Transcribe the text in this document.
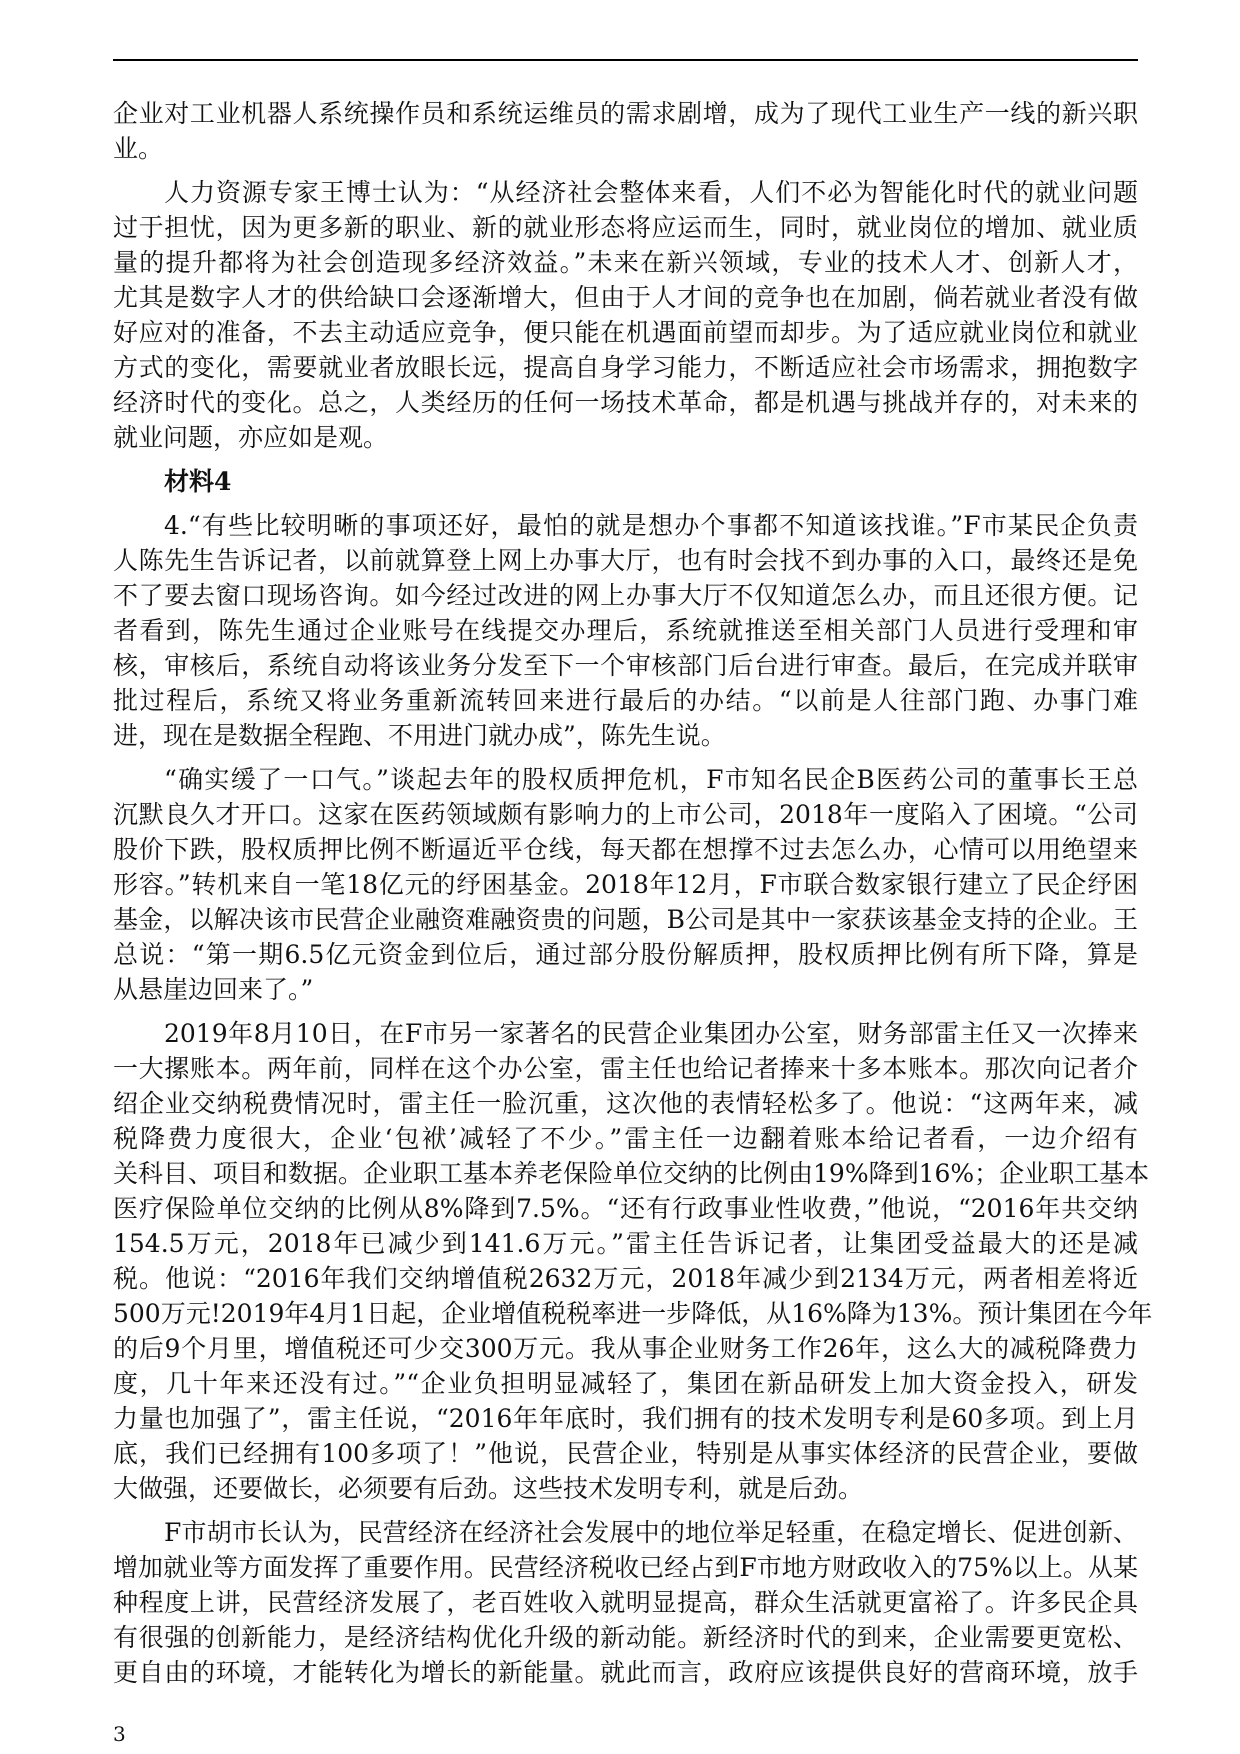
企业对工业机器人系统操作员和系统运维员的需求剧增，成为了现代工业生产一线的新兴职
业。
人力资源专家王博士认为：“从经济社会整体来看，人们不必为智能化时代的就业问题
过于担忧，因为更多新的职业、新的就业形态将应运而生，同时，就业岗位的增加、就业质
量的提升都将为社会创造现多经济效益。”未来在新兴领域，专业的技术人才、创新人才，
尤其是数字人才的供给缺口会逐渐增大，但由于人才间的竞争也在加剧，倘若就业者没有做
好应对的准备，不去主动适应竞争，便只能在机遇面前望而却步。为了适应就业岗位和就业
方式的变化，需要就业者放眼长远，提高自身学习能力，不断适应社会市场需求，拥抱数字
经济时代的变化。总之，人类经历的任何一场技术革命，都是机遇与挑战并存的，对未来的
就业问题，亦应如是观。
材料4
4.“有些比较明晰的事项还好，最怕的就是想办个事都不知道该找谁。”F市某民企负责
人陈先生告诉记者，以前就算登上网上办事大厅，也有时会找不到办事的入口，最终还是免
不了要去窗口现场咨询。如今经过改进的网上办事大厅不仅知道怎么办，而且还很方便。记
者看到，陈先生通过企业账号在线提交办理后，系统就推送至相关部门人员进行受理和审
核，审核后，系统自动将该业务分发至下一个审核部门后台进行审查。最后，在完成并联审
批过程后，系统又将业务重新流转回来进行最后的办结。“以前是人往部门跑、办事门难
进，现在是数据全程跑、不用进门就办成”，陈先生说。
“确实缓了一口气。”谈起去年的股权质押危机，F市知名民企B医药公司的董事长王总
沉默良久才开口。这家在医药领域颇有影响力的上市公司，2018年一度陷入了困境。“公司
股价下跌，股权质押比例不断逼近平仓线，每天都在想撑不过去怎么办，心情可以用绝望来
形容。”转机来自一笔18亿元的纾困基金。2018年12月，F市联合数家银行建立了民企纾困
基金，以解决该市民营企业融资难融资贵的问题，B公司是其中一家获该基金支持的企业。王
总说：“第一期6.5亿元资金到位后，通过部分股份解质押，股权质押比例有所下降，算是
从悬崖边回来了。”
2019年8月10日，在F市另一家著名的民营企业集团办公室，财务部雷主任又一次捧来
一大摞账本。两年前，同样在这个办公室，雷主任也给记者捧来十多本账本。那次向记者介
绍企业交纳税费情况时，雷主任一脸沉重，这次他的表情轻松多了。他说：“这两年来，减
税降费力度很大，企业‘包袱’减轻了不少。”雷主任一边翻着账本给记者看，一边介绍有
关科目、项目和数据。企业职工基本养老保险单位交纳的比例由19%降到16%；企业职工基本
医疗保险单位交纳的比例从8%降到7.5%。“还有行政事业性收费，”他说，“2016年共交纳
154.5万元，2018年已减少到141.6万元。”雷主任告诉记者，让集团受益最大的还是减
税。他说：“2016年我们交纳增值税2632万元，2018年减少到2134万元，两者相差将近
500万元!2019年4月1日起，企业增值税税率进一步降低，从16%降为13%。预计集团在今年
的后9个月里，增值税还可少交300万元。我从事企业财务工作26年，这么大的减税降费力
度，几十年来还没有过。”“企业负担明显减轻了，集团在新品研发上加大资金投入，研发
力量也加强了”，雷主任说，“2016年年底时，我们拥有的技术发明专利是60多项。到上月
底，我们已经拥有100多项了！”他说，民营企业，特别是从事实体经济的民营企业，要做
大做强，还要做长，必须要有后劲。这些技术发明专利，就是后劲。
F市胡市长认为，民营经济在经济社会发展中的地位举足轻重，在稳定增长、促进创新、
增加就业等方面发挥了重要作用。民营经济税收已经占到F市地方财政收入的75%以上。从某
种程度上讲，民营经济发展了，老百姓收入就明显提高，群众生活就更富裕了。许多民企具
有很强的创新能力，是经济结构优化升级的新动能。新经济时代的到来，企业需要更宽松、
更自由的环境，才能转化为增长的新能量。就此而言，政府应该提供良好的营商环境，放手
3
